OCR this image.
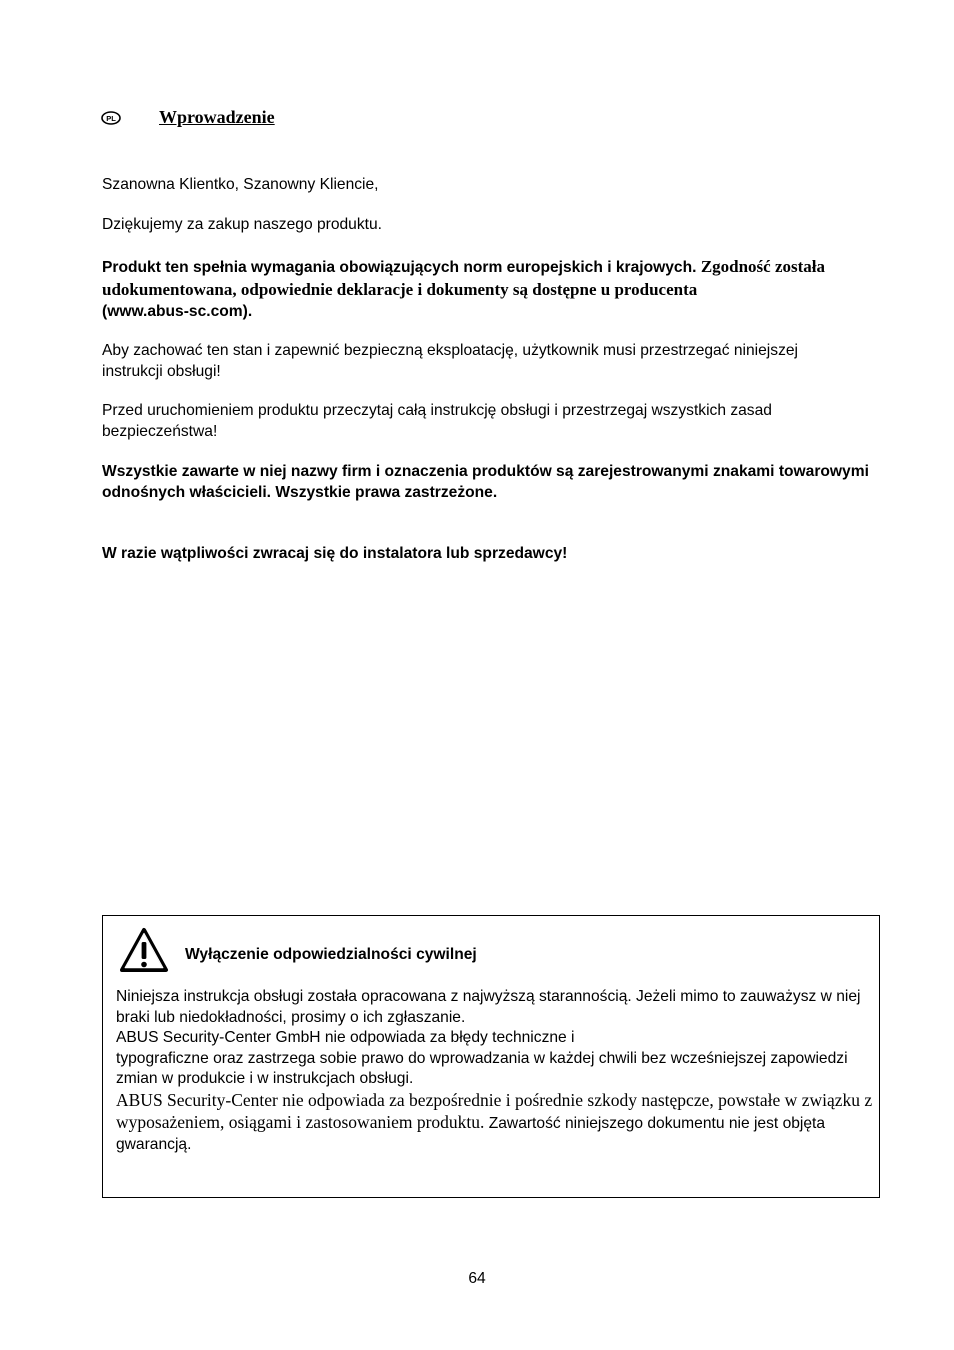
PL Wprowadzenie
Szanowna Klientko, Szanowny Kliencie,
Dziękujemy za zakup naszego produktu.
Produkt ten spełnia wymagania obowiązujących norm europejskich i krajowych. Zgodność została udokumentowana, odpowiednie deklaracje i dokumenty są dostępne u producenta
(www.abus-sc.com).
Aby zachować ten stan i zapewnić bezpieczną eksploatację, użytkownik musi przestrzegać niniejszej instrukcji obsługi!
Przed uruchomieniem produktu przeczytaj całą instrukcję obsługi i przestrzegaj wszystkich zasad bezpieczeństwa!
Wszystkie zawarte w niej nazwy firm i oznaczenia produktów są zarejestrowanymi znakami towarowymi odnośnych właścicieli. Wszystkie prawa zastrzeżone.
W razie wątpliwości zwracaj się do instalatora lub sprzedawcy!
Wyłączenie odpowiedzialności cywilnej
Niniejsza instrukcja obsługi została opracowana z najwyższą starannością. Jeżeli mimo to zauważysz w niej braki lub niedokładności, prosimy o ich zgłaszanie.
ABUS Security-Center GmbH nie odpowiada za błędy techniczne i
typograficzne oraz zastrzega sobie prawo do wprowadzania w każdej chwili bez wcześniejszej zapowiedzi zmian w produkcie i w instrukcjach obsługi.
ABUS Security-Center nie odpowiada za bezpośrednie i pośrednie szkody następcze, powstałe w związku z wyposażeniem, osiągami i zastosowaniem produktu. Zawartość niniejszego dokumentu nie jest objęta gwarancją.
64
